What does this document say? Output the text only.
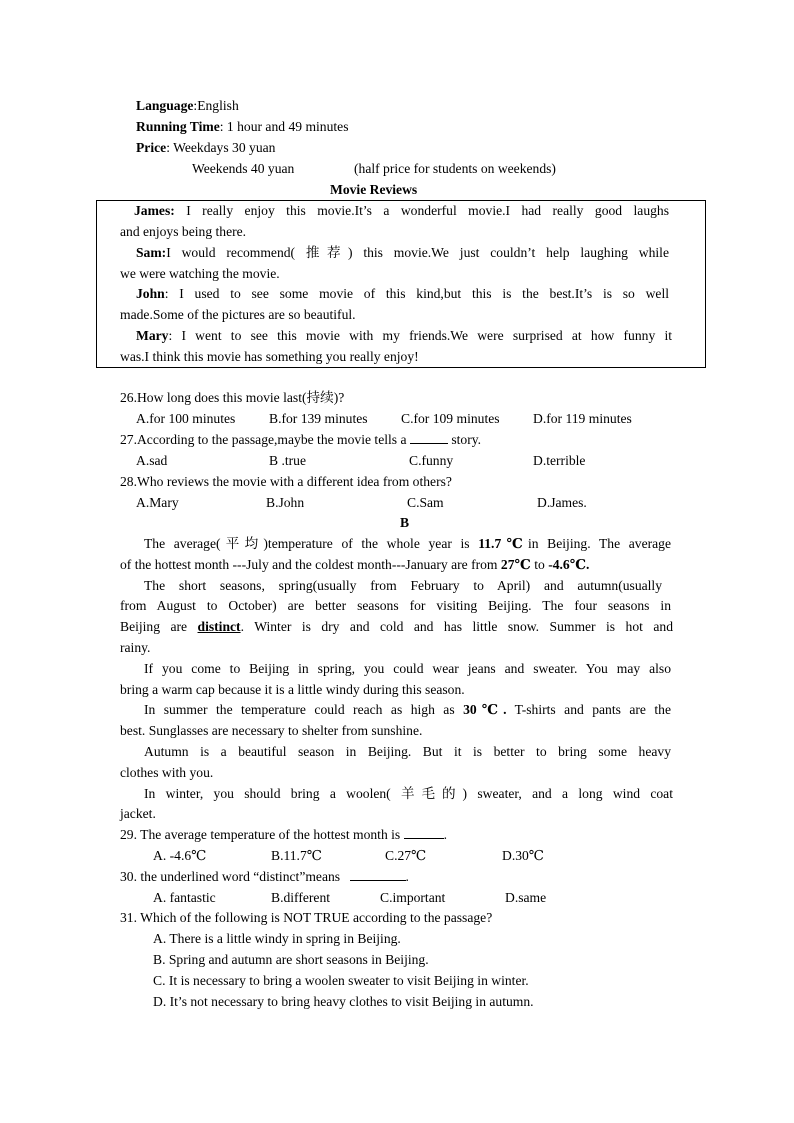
Language:English
Running Time: 1 hour and 49 minutes
Price: Weekdays 30 yuan
Weekends 40 yuan	(half price for students on weekends)
Movie Reviews
James: I really enjoy this movie.It’s a wonderful movie.I had really good laughs
and enjoys being there.
Sam:I would recommend( 推荐) this movie.We just couldn’t help laughing while
we were watching the movie.
John: I used to see some movie of this kind,but this is the best.It’s is so well
made.Some of the pictures are so beautiful.
Mary: I went to see this movie with my friends.We were surprised at how funny it
was.I think this movie has something you really enjoy!
26.How long does this movie last(持续)?
A.for 100 minutes B.for 139 minutes C.for 109 minutes D.for 119 minutes
27.According to the passage,maybe the movie tells a	story.
A.sad	B .true	C.funny	D.terrible
28.Who reviews the movie with a different idea from others?
A.Mary	B.John	C.Sam	D.James.
B
The average(平均)temperature of the whole year is 11.7℃in Beijing. The average
of the hottest month ---July and the coldest month---January are from 27℃ to -4.6℃.
The short seasons, spring(usually from February to April) and autumn(usually
from August to October) are better seasons for visiting Beijing. The four seasons in
Beijing are distinct. Winter is dry and cold and has little snow. Summer is hot and
rainy.
If you come to Beijing in spring, you could wear jeans and sweater. You may also
bring a warm cap because it is a little windy during this season.
In summer the temperature could reach as high as 30℃. T-shirts and pants are the
best. Sunglasses are necessary to shelter from sunshine.
Autumn is a beautiful season in Beijing. But it is better to bring some heavy
clothes with you.
In winter, you should bring a woolen( 羊毛的) sweater, and a long wind coat
jacket.
29. The average temperature of the hottest month is	.
A. -4.6℃	B.11.7℃	C.27℃	D.30℃
30. the underlined word “distinct”means	.
A. fantastic	B.different	C.important	D.same
31. Which of the following is NOT TRUE according to the passage?
A. There is a little windy in spring in Beijing.
B. Spring and autumn are short seasons in Beijing.
C. It is necessary to bring a woolen sweater to visit Beijing in winter.
D. It’s not necessary to bring heavy clothes to visit Beijing in autumn.
